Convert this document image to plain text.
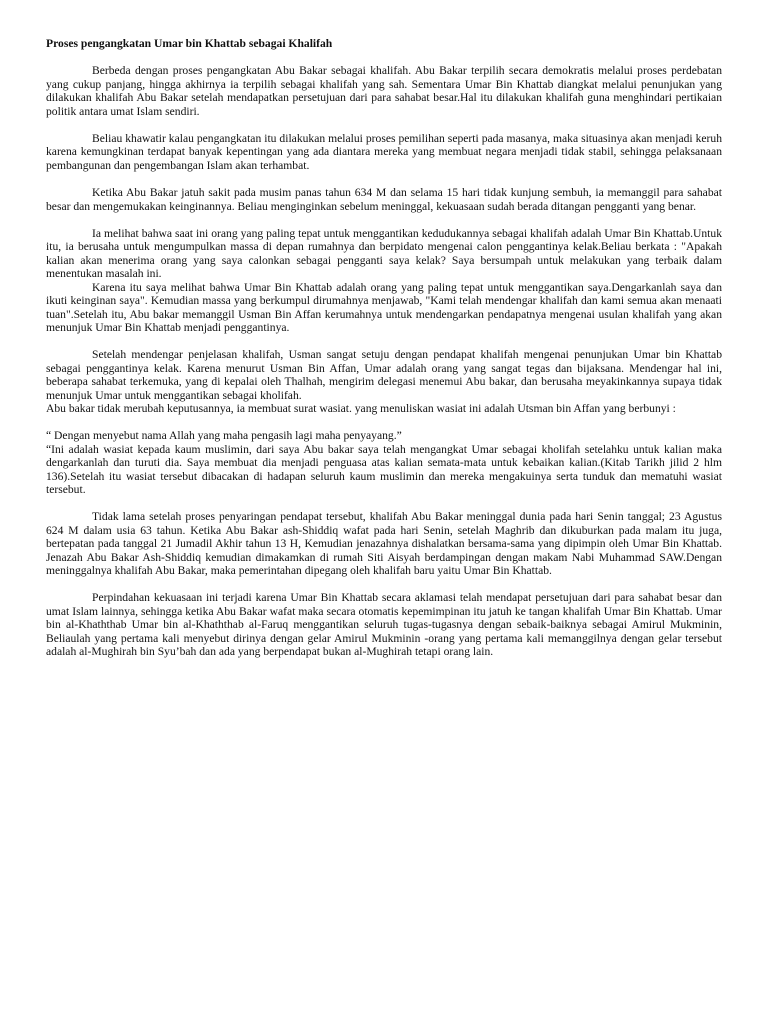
Proses pengangkatan Umar bin Khattab sebagai Khalifah

Berbeda dengan proses pengangkatan Abu Bakar sebagai khalifah. Abu Bakar terpilih secara demokratis melalui proses perdebatan yang cukup panjang, hingga akhirnya ia terpilih sebagai khalifah yang sah. Sementara Umar Bin Khattab diangkat melalui penunjukan yang dilakukan khalifah Abu Bakar setelah mendapatkan persetujuan dari para sahabat besar.Hal itu dilakukan khalifah guna menghindari pertikaian politik antara umat Islam sendiri.

Beliau khawatir kalau pengangkatan itu dilakukan melalui proses pemilihan seperti pada masanya, maka situasinya akan menjadi keruh karena kemungkinan terdapat banyak kepentingan yang ada diantara mereka yang membuat negara menjadi tidak stabil, sehingga pelaksanaan pembangunan dan pengembangan Islam akan terhambat.

Ketika Abu Bakar jatuh sakit pada musim panas tahun 634 M dan selama 15 hari tidak kunjung sembuh, ia memanggil para sahabat besar dan mengemukakan keinginannya. Beliau menginginkan sebelum meninggal, kekuasaan sudah berada ditangan pengganti yang benar.

Ia melihat bahwa saat ini orang yang paling tepat untuk menggantikan kedudukannya sebagai khalifah adalah Umar Bin Khattab.Untuk itu, ia berusaha untuk mengumpulkan massa di depan rumahnya dan berpidato mengenai calon penggantinya kelak.Beliau berkata : "Apakah kalian akan menerima orang yang saya calonkan sebagai pengganti saya kelak? Saya bersumpah untuk melakukan yang terbaik dalam menentukan masalah ini.

Karena itu saya melihat bahwa Umar Bin Khattab adalah orang yang paling tepat untuk menggantikan saya.Dengarkanlah saya dan ikuti keinginan saya". Kemudian massa yang berkumpul dirumahnya menjawab, "Kami telah mendengar khalifah dan kami semua akan menaati tuan".Setelah itu, Abu bakar memanggil Usman Bin Affan kerumahnya untuk mendengarkan pendapatnya mengenai usulan khalifah yang akan menunjuk Umar Bin Khattab menjadi penggantinya.

Setelah mendengar penjelasan khalifah, Usman sangat setuju dengan pendapat khalifah mengenai penunjukan Umar bin Khattab sebagai penggantinya kelak. Karena menurut Usman Bin Affan, Umar adalah orang yang sangat tegas dan bijaksana. Mendengar hal ini, beberapa sahabat terkemuka, yang di kepalai oleh Thalhah, mengirim delegasi menemui Abu bakar, dan berusaha meyakinkannya supaya tidak menunjuk Umar untuk menggantikan sebagai kholifah.

Abu bakar tidak merubah keputusannya, ia membuat surat wasiat. yang menuliskan wasiat ini adalah Utsman bin Affan yang berbunyi :

“ Dengan menyebut nama Allah yang maha pengasih lagi maha penyayang.”

“Ini adalah wasiat kepada kaum muslimin, dari saya Abu bakar saya telah mengangkat Umar sebagai kholifah setelahku untuk kalian maka dengarkanlah dan turuti dia. Saya membuat dia menjadi penguasa atas kalian semata-mata untuk kebaikan kalian.(Kitab Tarikh jilid 2 hlm 136).Setelah itu wasiat tersebut dibacakan di hadapan seluruh kaum muslimin dan mereka mengakuinya serta tunduk dan mematuhi wasiat tersebut.

Tidak lama setelah proses penyaringan pendapat tersebut, khalifah Abu Bakar meninggal dunia pada hari Senin tanggal; 23 Agustus 624 M dalam usia 63 tahun. Ketika Abu Bakar ash-Shiddiq wafat pada hari Senin, setelah Maghrib dan dikuburkan pada malam itu juga, bertepatan pada tanggal 21 Jumadil Akhir tahun 13 H, Kemudian jenazahnya dishalatkan bersama-sama yang dipimpin oleh Umar Bin Khattab. Jenazah Abu Bakar Ash-Shiddiq kemudian dimakamkan di rumah Siti Aisyah berdampingan dengan makam Nabi Muhammad SAW.Dengan meninggalnya khalifah Abu Bakar, maka pemerintahan dipegang oleh khalifah baru yaitu Umar Bin Khattab.

Perpindahan kekuasaan ini terjadi karena Umar Bin Khattab secara aklamasi telah mendapat persetujuan dari para sahabat besar dan umat Islam lainnya, sehingga ketika Abu Bakar wafat maka secara otomatis kepemimpinan itu jatuh ke tangan khalifah Umar Bin Khattab. Umar bin al-Khaththab Umar bin al-Khaththab al-Faruq menggantikan seluruh tugas-tugasnya dengan sebaik-baiknya sebagai Amirul Mukminin, Beliaulah yang pertama kali menyebut dirinya dengan gelar Amirul Mukminin -orang yang pertama kali memanggilnya dengan gelar tersebut adalah al-Mughirah bin Syu’bah dan ada yang berpendapat bukan al-Mughirah tetapi orang lain.
